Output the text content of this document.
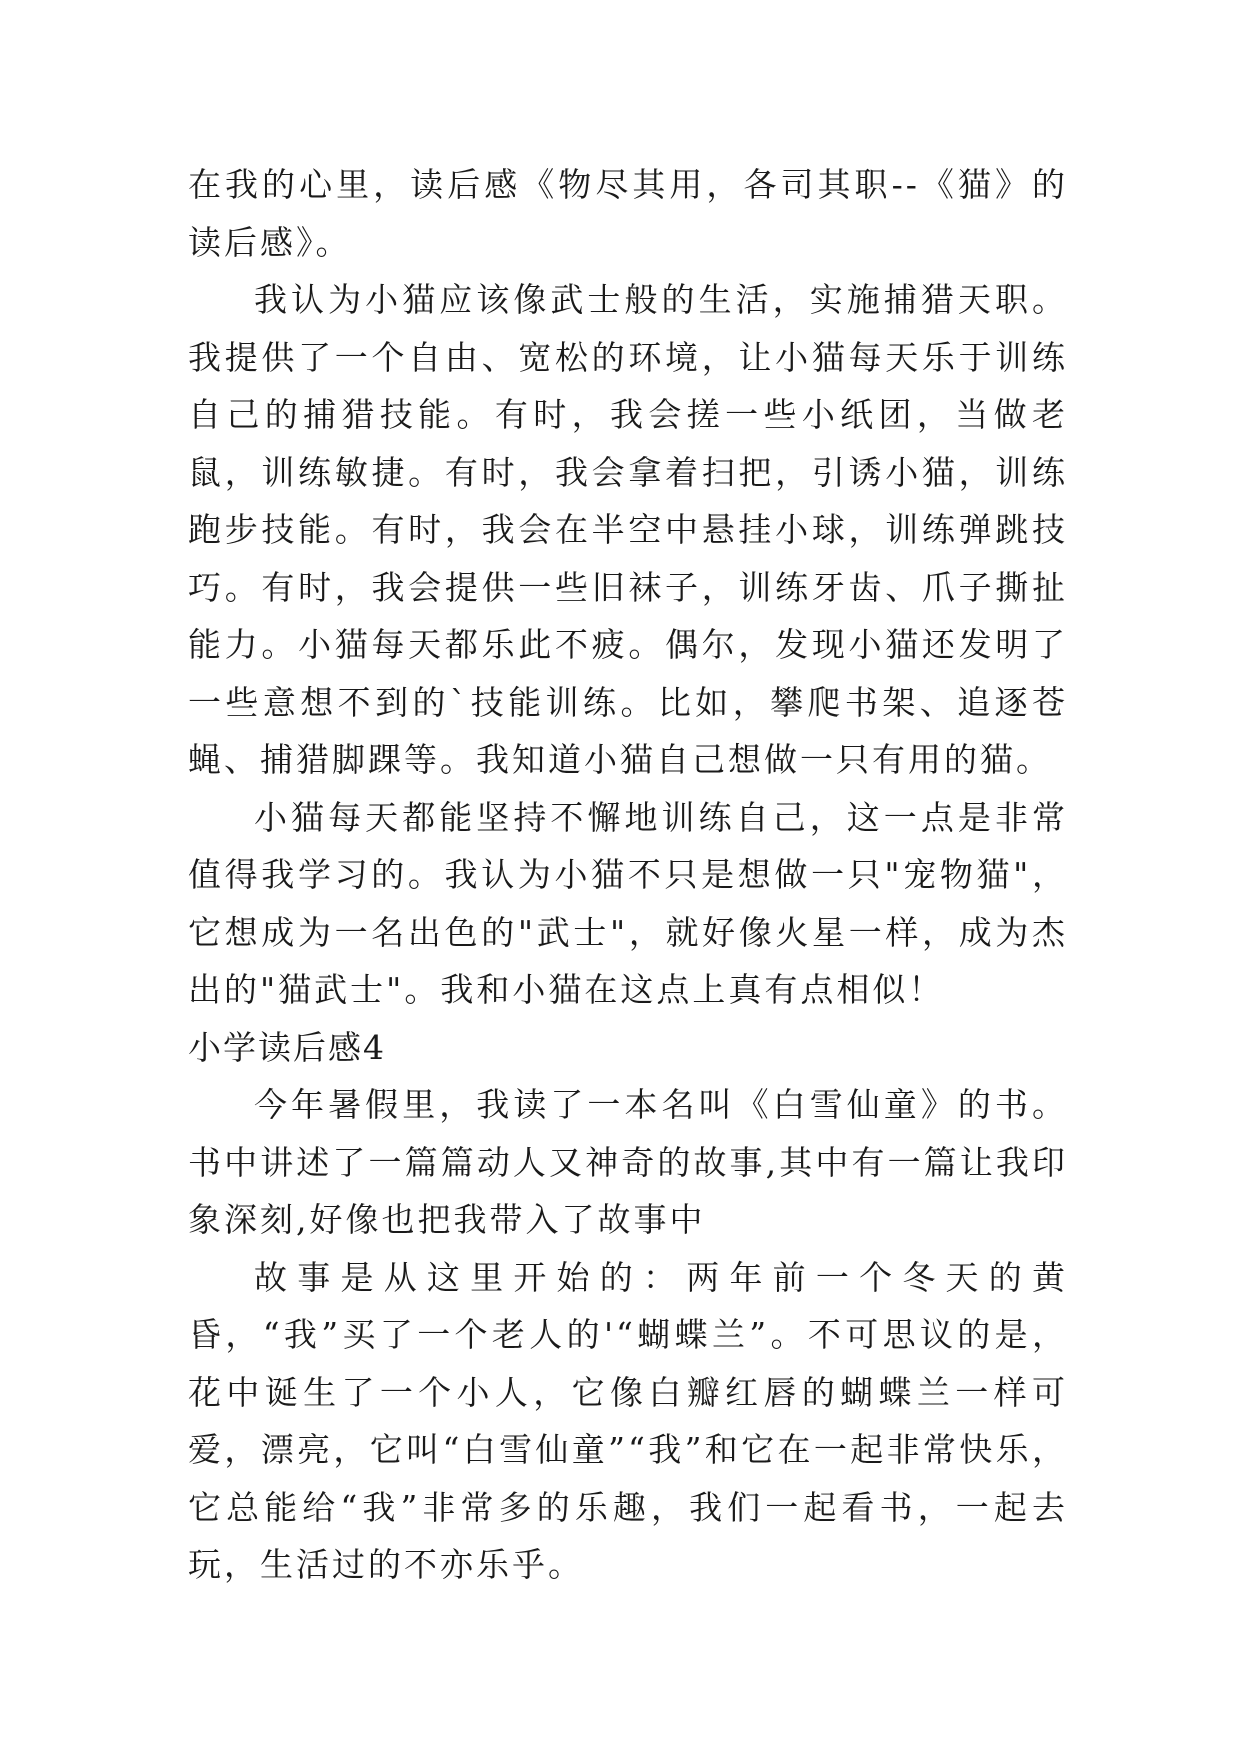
在我的心里，读后感《物尽其用，各司其职--《猫》的读后感》。

我认为小猫应该像武士般的生活，实施捕猎天职。我提供了一个自由、宽松的环境，让小猫每天乐于训练自己的捕猎技能。有时，我会搓一些小纸团，当做老鼠，训练敏捷。有时，我会拿着扫把，引诱小猫，训练跑步技能。有时，我会在半空中悬挂小球，训练弹跳技巧。有时，我会提供一些旧袜子，训练牙齿、爪子撕扯能力。小猫每天都乐此不疲。偶尔，发现小猫还发明了一些意想不到的`技能训练。比如，攀爬书架、追逐苍蝇、捕猎脚踝等。我知道小猫自己想做一只有用的猫。

小猫每天都能坚持不懈地训练自己，这一点是非常值得我学习的。我认为小猫不只是想做一只"宠物猫"，它想成为一名出色的"武士"，就好像火星一样，成为杰出的"猫武士"。我和小猫在这点上真有点相似！

小学读后感4

今年暑假里，我读了一本名叫《白雪仙童》的书。书中讲述了一篇篇动人又神奇的故事,其中有一篇让我印象深刻,好像也把我带入了故事中

故事是从这里开始的：两年前一个冬天的黄昏，“我”买了一个老人的'“蝴蝶兰”。不可思议的是，花中诞生了一个小人，它像白瓣红唇的蝴蝶兰一样可爱，漂亮，它叫“白雪仙童”“我”和它在一起非常快乐，它总能给“我”非常多的乐趣，我们一起看书，一起去玩，生活过的不亦乐乎。
